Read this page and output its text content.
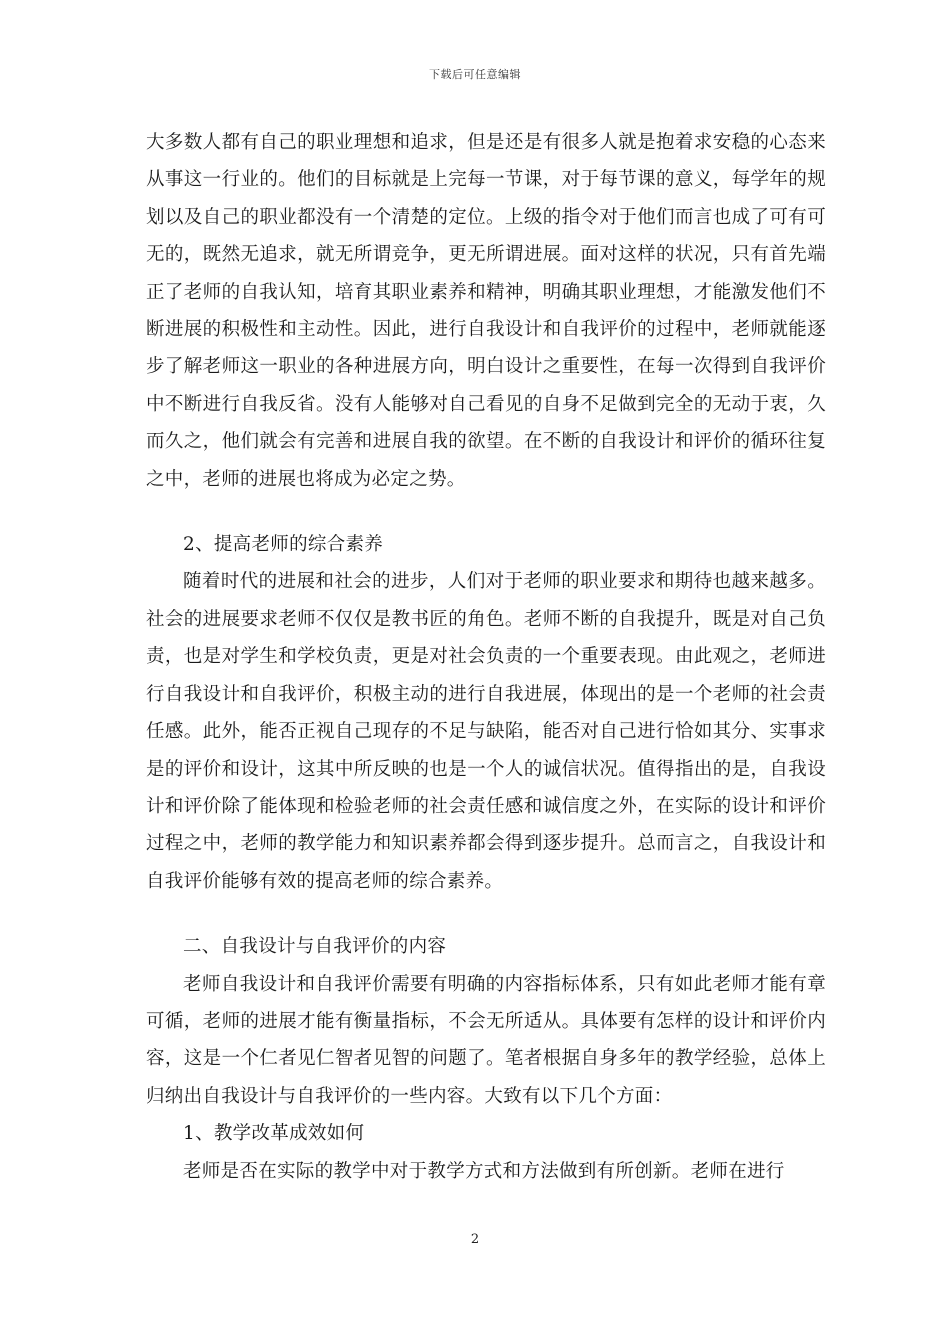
下载后可任意编辑

大多数人都有自己的职业理想和追求，但是还是有很多人就是抱着求安稳的心态来从事这一行业的。他们的目标就是上完每一节课，对于每节课的意义，每学年的规划以及自己的职业都没有一个清楚的定位。上级的指令对于他们而言也成了可有可无的，既然无追求，就无所谓竞争，更无所谓进展。面对这样的状况，只有首先端正了老师的自我认知，培育其职业素养和精神，明确其职业理想，才能激发他们不断进展的积极性和主动性。因此，进行自我设计和自我评价的过程中，老师就能逐步了解老师这一职业的各种进展方向，明白设计之重要性，在每一次得到自我评价中不断进行自我反省。没有人能够对自己看见的自身不足做到完全的无动于衷，久而久之，他们就会有完善和进展自我的欲望。在不断的自我设计和评价的循环往复之中，老师的进展也将成为必定之势。

2、提高老师的综合素养

随着时代的进展和社会的进步，人们对于老师的职业要求和期待也越来越多。社会的进展要求老师不仅仅是教书匠的角色。老师不断的自我提升，既是对自己负责，也是对学生和学校负责，更是对社会负责的一个重要表现。由此观之，老师进行自我设计和自我评价，积极主动的进行自我进展，体现出的是一个老师的社会责任感。此外，能否正视自己现存的不足与缺陷，能否对自己进行恰如其分、实事求是的评价和设计，这其中所反映的也是一个人的诚信状况。值得指出的是，自我设计和评价除了能体现和检验老师的社会责任感和诚信度之外，在实际的设计和评价过程之中，老师的教学能力和知识素养都会得到逐步提升。总而言之，自我设计和自我评价能够有效的提高老师的综合素养。

二、自我设计与自我评价的内容

老师自我设计和自我评价需要有明确的内容指标体系，只有如此老师才能有章可循，老师的进展才能有衡量指标，不会无所适从。具体要有怎样的设计和评价内容，这是一个仁者见仁智者见智的问题了。笔者根据自身多年的教学经验，总体上归纳出自我设计与自我评价的一些内容。大致有以下几个方面：

1、教学改革成效如何

老师是否在实际的教学中对于教学方式和方法做到有所创新。老师在进行

2
